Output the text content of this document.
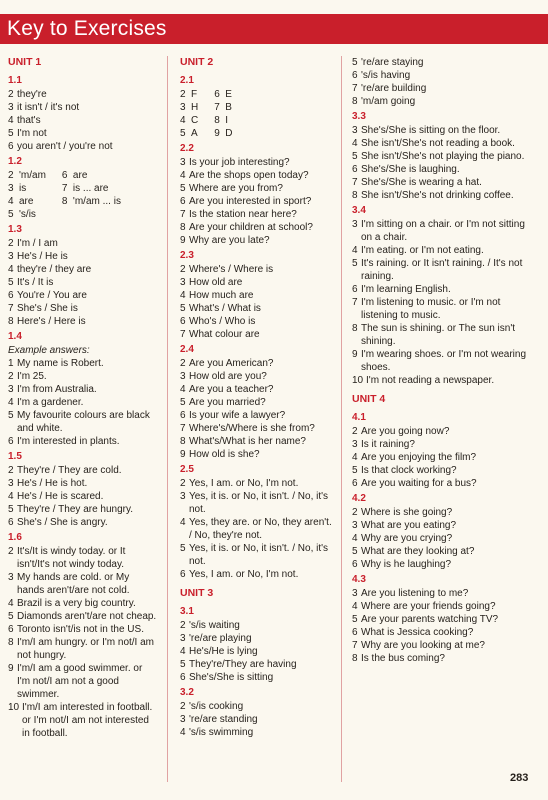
Key to Exercises
UNIT 1
1.1
2 they're
3 it isn't / it's not
4 that's
5 I'm not
6 you aren't / you're not
1.2
2 'm/am 6 are
3 is	7 is ... are
4 are	8 'm/am ... is
5 's/is
1.3
2 I'm / I am
3 He's / He is
4 they're / they are
5 It's / It is
6 You're / You are
7 She's / She is
8 Here's / Here is
1.4
Example answers:
1 My name is Robert.
2 I'm 25.
3 I'm from Australia.
4 I'm a gardener.
5 My favourite colours are black and white.
6 I'm interested in plants.
1.5
2 They're / They are cold.
3 He's / He is hot.
4 He's / He is scared.
5 They're / They are hungry.
6 She's / She is angry.
1.6
2 It's/It is windy today. or It isn't/It's not windy today.
3 My hands are cold. or My hands aren't/are not cold.
4 Brazil is a very big country.
5 Diamonds aren't/are not cheap.
6 Toronto isn't/is not in the US.
8 I'm/I am hungry. or I'm not/I am not hungry.
9 I'm/I am a good swimmer. or I'm not/I am not a good swimmer.
10 I'm/I am interested in football. or I'm not/I am not interested in football.
UNIT 2
2.1
2 F 6 E
3 H 7 B
4 C 8 I
5 A 9 D
2.2
3 Is your job interesting?
4 Are the shops open today?
5 Where are you from?
6 Are you interested in sport?
7 Is the station near here?
8 Are your children at school?
9 Why are you late?
2.3
2 Where's / Where is
3 How old are
4 How much are
5 What's / What is
6 Who's / Who is
7 What colour are
2.4
2 Are you American?
3 How old are you?
4 Are you a teacher?
5 Are you married?
6 Is your wife a lawyer?
7 Where's/Where is she from?
8 What's/What is her name?
9 How old is she?
2.5
2 Yes, I am. or No, I'm not.
3 Yes, it is. or No, it isn't. / No, it's not.
4 Yes, they are. or No, they aren't. / No, they're not.
5 Yes, it is. or No, it isn't. / No, it's not.
6 Yes, I am. or No, I'm not.
UNIT 3
3.1
2 's/is waiting
3 're/are playing
4 He's/He is lying
5 They're/They are having
6 She's/She is sitting
3.2
2 's/is cooking
3 're/are standing
4 's/is swimming
5 're/are staying
6 's/is having
7 're/are building
8 'm/am going
3.3
3 She's/She is sitting on the floor.
4 She isn't/She's not reading a book.
5 She isn't/She's not playing the piano.
6 She's/She is laughing.
7 She's/She is wearing a hat.
8 She isn't/She's not drinking coffee.
3.4
3 I'm sitting on a chair. or I'm not sitting on a chair.
4 I'm eating. or I'm not eating.
5 It's raining. or It isn't raining. / It's not raining.
6 I'm learning English.
7 I'm listening to music. or I'm not listening to music.
8 The sun is shining. or The sun isn't shining.
9 I'm wearing shoes. or I'm not wearing shoes.
10 I'm not reading a newspaper.
UNIT 4
4.1
2 Are you going now?
3 Is it raining?
4 Are you enjoying the film?
5 Is that clock working?
6 Are you waiting for a bus?
4.2
2 Where is she going?
3 What are you eating?
4 Why are you crying?
5 What are they looking at?
6 Why is he laughing?
4.3
3 Are you listening to me?
4 Where are your friends going?
5 Are your parents watching TV?
6 What is Jessica cooking?
7 Why are you looking at me?
8 Is the bus coming?
283
